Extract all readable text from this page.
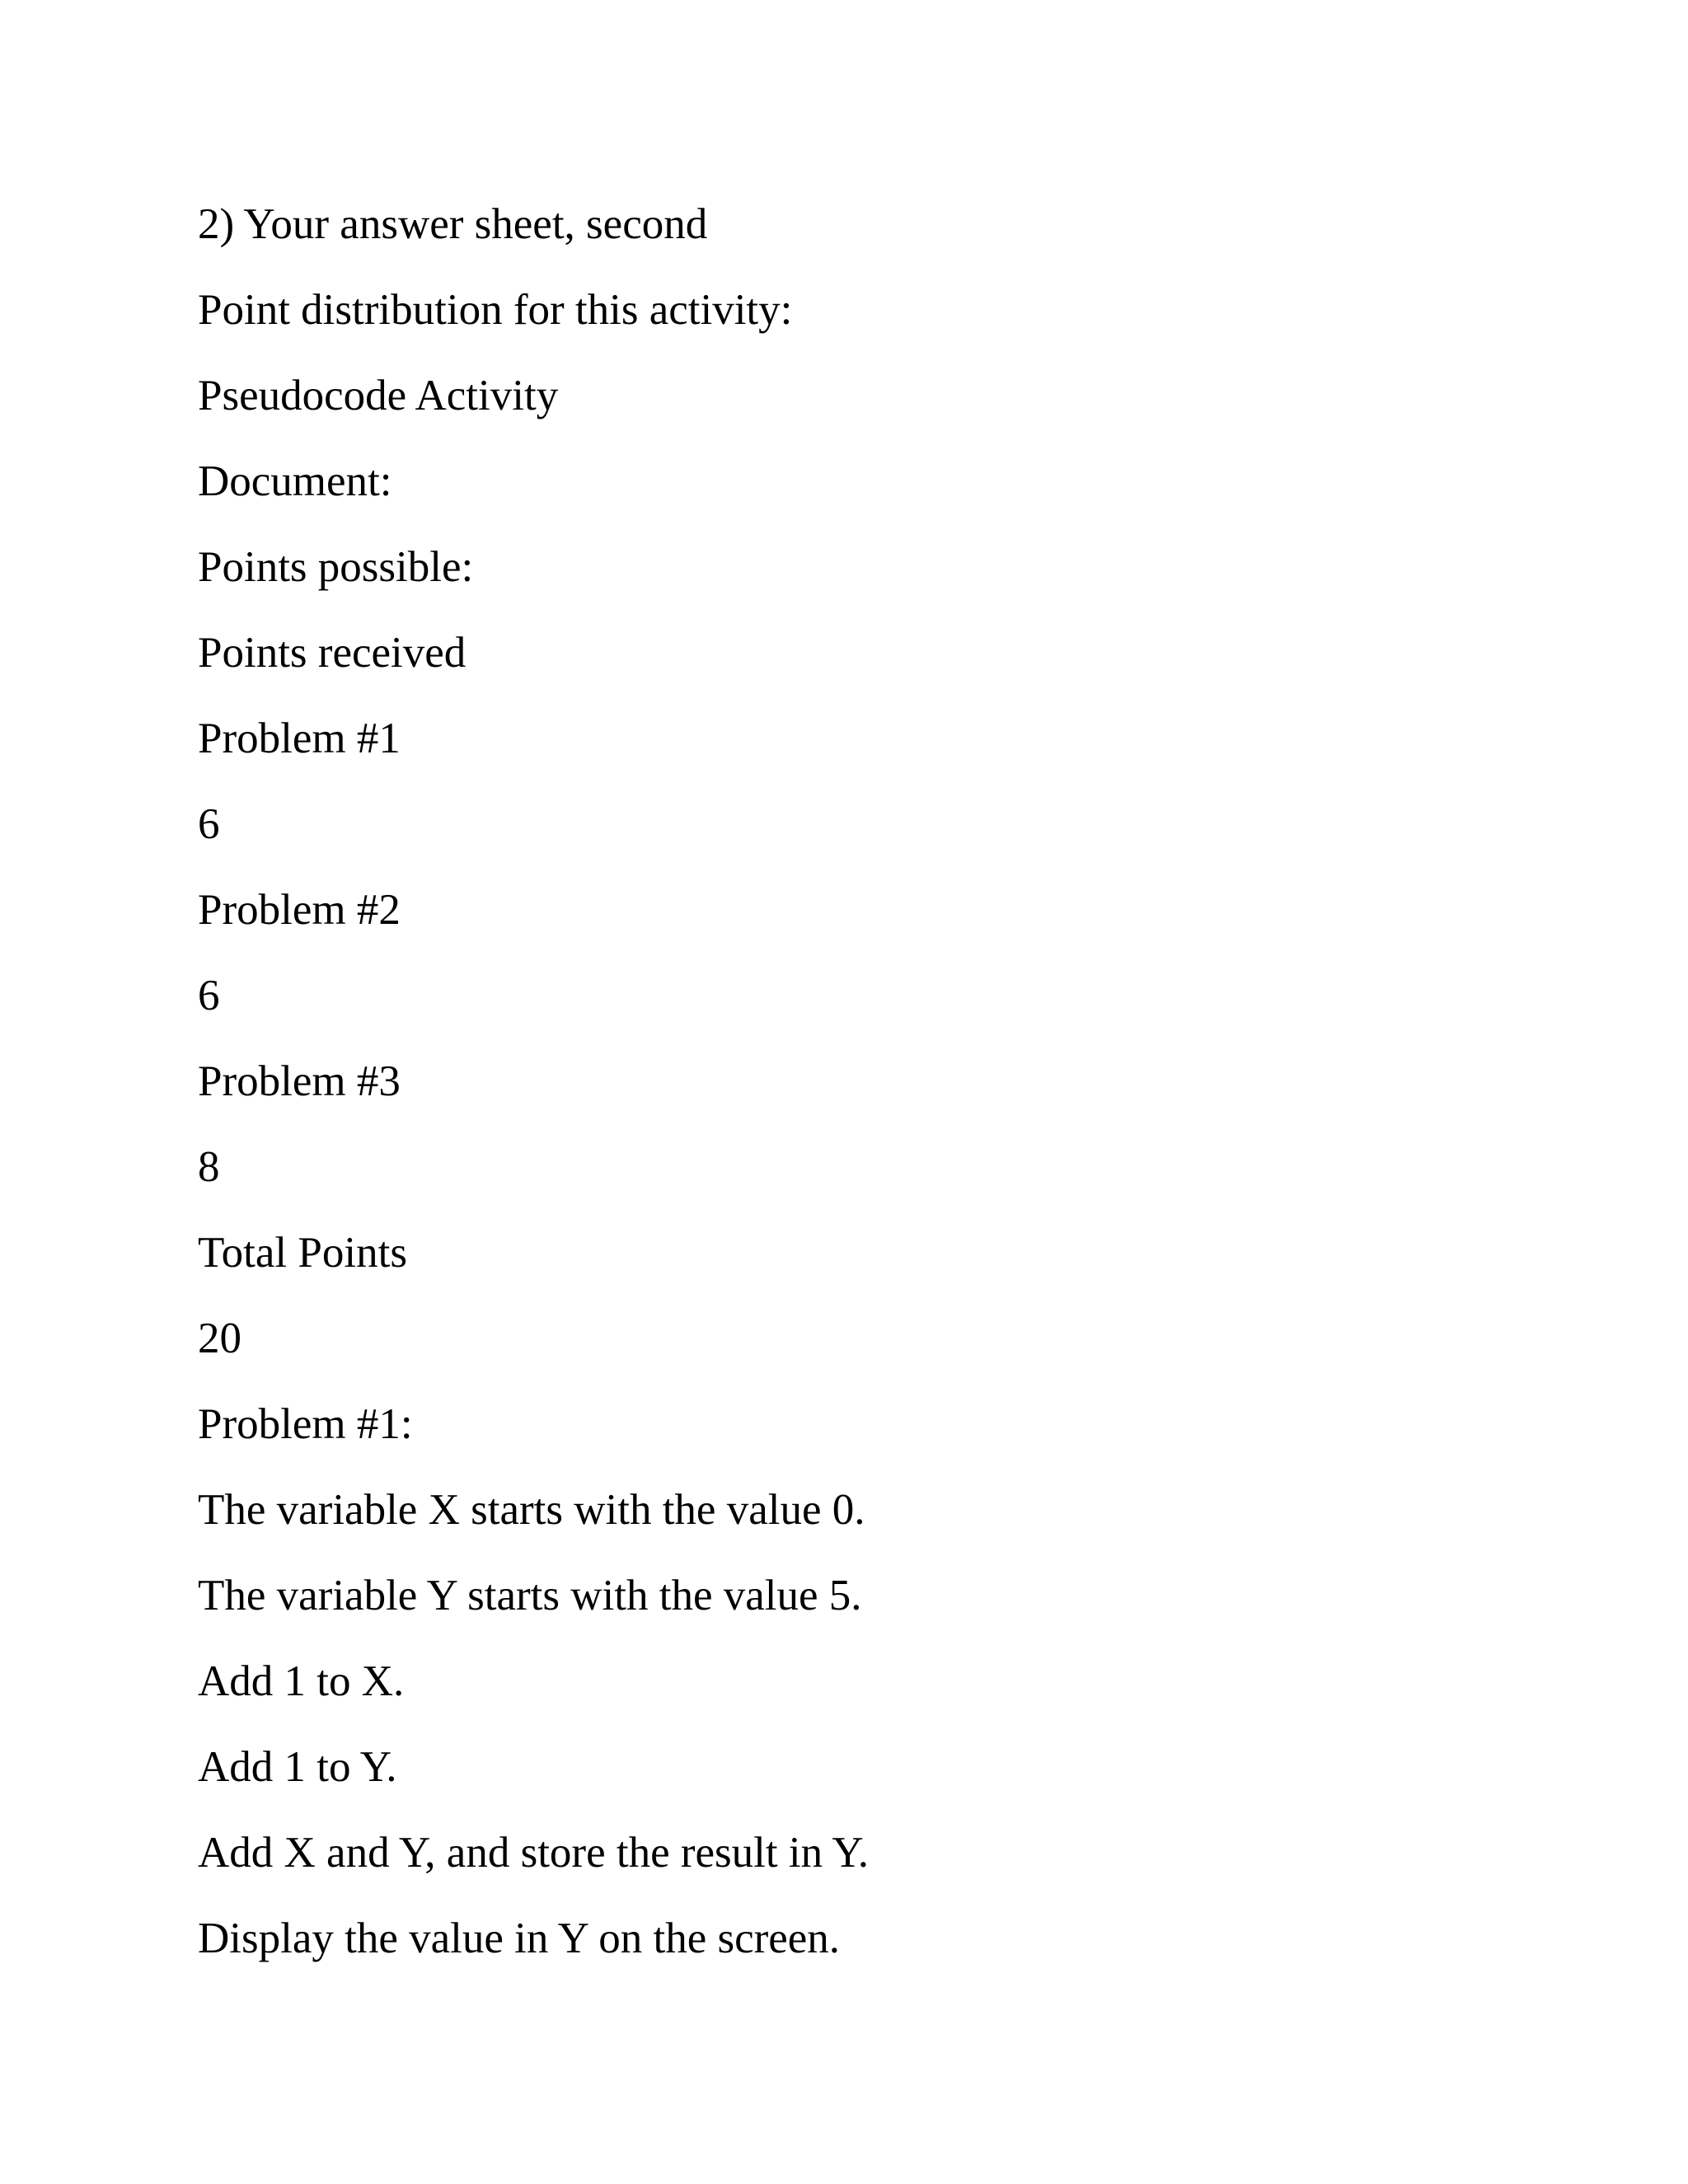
2) Your answer sheet, second
Point distribution for this activity:
Pseudocode Activity
Document:
Points possible:
Points received
Problem #1
6
Problem #2
6
Problem #3
8
Total Points
20
Problem #1:
The variable X starts with the value 0.
The variable Y starts with the value 5.
Add 1 to X.
Add 1 to Y.
Add X and Y, and store the result in Y.
Display the value in Y on the screen.
